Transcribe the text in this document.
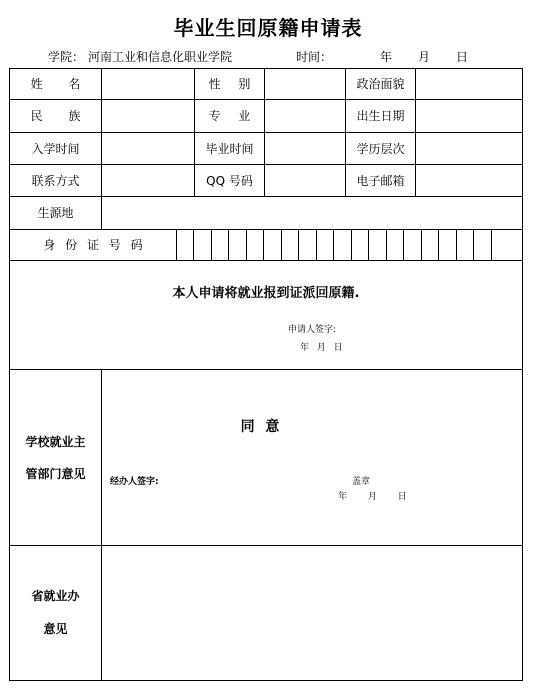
毕业生回原籍申请表
学院： 河南工业和信息化职业学院	时间：	年 月 日
姓 名	性 别	政治面貌
民 族	专 业	出生日期
入学时间	毕业时间	学历层次
联系方式	QQ 号码	电子邮箱
生源地
身 份 证 号 码
本人申请将就业报到证派回原籍.
申请人签字:
年 月 日
学校就业主
管部门意见
同 意
经办人签字:	盖章
年 月 日
省就业办
意见
